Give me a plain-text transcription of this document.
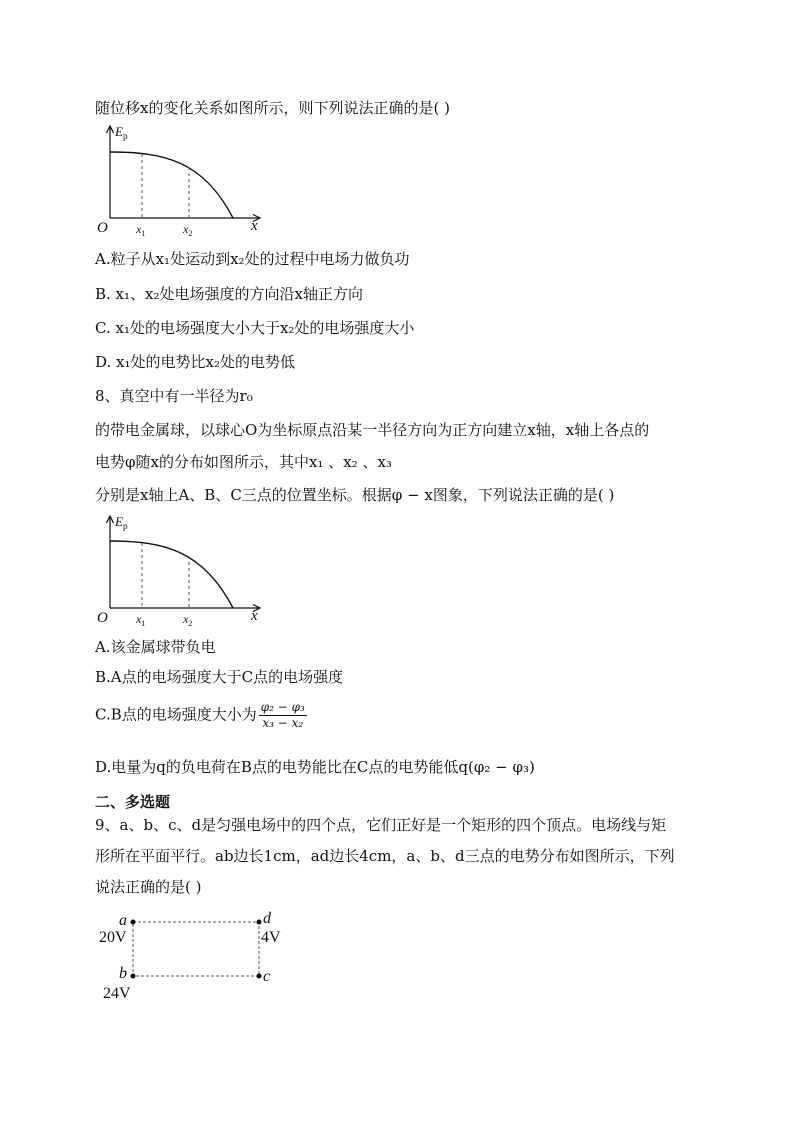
随位移x的变化关系如图所示，则下列说法正确的是( )
$E_p$
O	x
$x_1$	$x_2$
A.粒子从x₁处运动到x₂处的过程中电场力做负功
B. x₁、x₂处电场强度的方向沿x轴正方向
C. x₁处的电场强度大小大于x₂处的电场强度大小
D. x₁处的电势比x₂处的电势低
8、真空中有一半径为r₀
的带电金属球，以球心O为坐标原点沿某一半径方向为正方向建立x轴，x轴上各点的
电势φ随x的分布如图所示，其中x₁ 、x₂ 、x₃
分别是x轴上A、B、C三点的位置坐标。根据φ − x图象，下列说法正确的是( )
$E_p$
O	x
$x_1$	$x_2$
A.该金属球带负电
B.A点的电场强度大于C点的电场强度
C.B点的电场强度大小为 $\frac{\text{φ₂ − φ₃}}{\text{x₃ − x₂}}$
D.电量为q的负电荷在B点的电势能比在C点的电势能低q(φ₂ − φ₃)
二、多选题
9、a、b、c、d是匀强电场中的四个点，它们正好是一个矩形的四个顶点。电场线与矩
形所在平面平行。ab边长1cm，ad边长4cm，a、b、d三点的电势分布如图所示，下列
说法正确的是( )
a
20V
b
24V
c
d
4V
